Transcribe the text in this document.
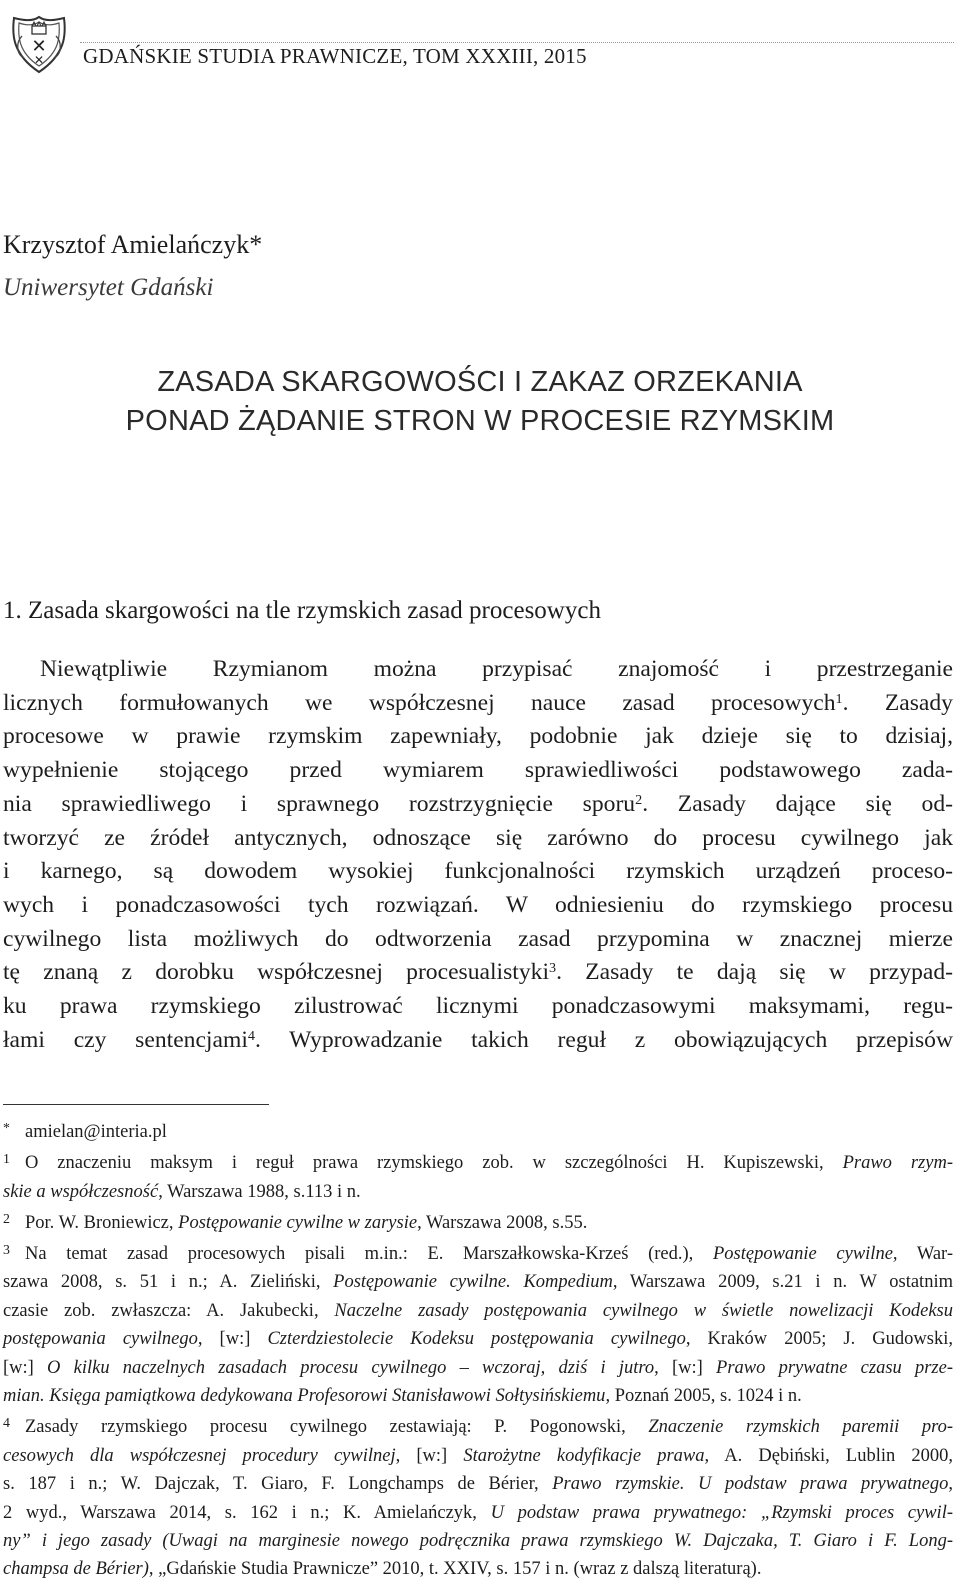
✕
✕ GDAŃSKIE STUDIA PRAWNICZE, TOM XXXIII, 2015
Krzysztof Amielańczyk*
Uniwersytet Gdański
ZASADA SKARGOWOŚCI I ZAKAZ ORZEKANIA
PONAD ŻĄDANIE STRON W PROCESIE RZYMSKIM
1. Zasada skargowości na tle rzymskich zasad procesowych
Niewątpliwie Rzymianom można przypisać znajomość i przestrzeganie
licznych formułowanych we współczesnej nauce zasad procesowych$^1$. Zasady
procesowe w prawie rzymskim zapewniały, podobnie jak dzieje się to dzisiaj,
wypełnienie stojącego przed wymiarem sprawiedliwości podstawowego zada-
nia sprawiedliwego i sprawnego rozstrzygnięcie sporu$^2$. Zasady dające się od-
tworzyć ze źródeł antycznych, odnoszące się zarówno do procesu cywilnego jak
i karnego, są dowodem wysokiej funkcjonalności rzymskich urządzeń proceso-
wych i ponadczasowości tych rozwiązań. W odniesieniu do rzymskiego procesu
cywilnego lista możliwych do odtworzenia zasad przypomina w znacznej mierze
tę znaną z dorobku współczesnej procesualistyki$^3$. Zasady te dają się w przypad-
ku prawa rzymskiego zilustrować licznymi ponadczasowymi maksymami, regu-
łami czy sentencjami$^4$. Wyprowadzanie takich reguł z obowiązujących przepisów
* amielan@interia.pl
1 O znaczeniu maksym i reguł prawa rzymskiego zob. w szczególności H. Kupiszewski, Prawo rzym-
skie a współczesność, Warszawa 1988, s.113 i n.
2 Por. W. Broniewicz, Postępowanie cywilne w zarysie, Warszawa 2008, s.55.
3 Na temat zasad procesowych pisali m.in.: E. Marszałkowska-Krześ (red.), Postępowanie cywilne, War-
szawa 2008, s. 51 i n.; A. Zieliński, Postępowanie cywilne. Kompedium, Warszawa 2009, s.21 i n. W ostatnim
czasie zob. zwłaszcza: A. Jakubecki, Naczelne zasady postępowania cywilnego w świetle nowelizacji Kodeksu
postępowania cywilnego, [w:] Czterdziestolecie Kodeksu postępowania cywilnego, Kraków 2005; J. Gudowski,
[w:] O kilku naczelnych zasadach procesu cywilnego – wczoraj, dziś i jutro, [w:] Prawo prywatne czasu prze-
mian. Księga pamiątkowa dedykowana Profesorowi Stanisławowi Sołtysińskiemu, Poznań 2005, s. 1024 i n.
4 Zasady rzymskiego procesu cywilnego zestawiają: P. Pogonowski, Znaczenie rzymskich paremii pro-
cesowych dla współczesnej procedury cywilnej, [w:] Starożytne kodyfikacje prawa, A. Dębiński, Lublin 2000,
s. 187 i n.; W. Dajczak, T. Giaro, F. Longchamps de Bérier, Prawo rzymskie. U podstaw prawa prywatnego,
2 wyd., Warszawa 2014, s. 162 i n.; K. Amielańczyk, U podstaw prawa prywatnego: „Rzymski proces cywil-
ny” i jego zasady (Uwagi na marginesie nowego podręcznika prawa rzymskiego W. Dajczaka, T. Giaro i F. Long-
champsa de Bérier), „Gdańskie Studia Prawnicze” 2010, t. XXIV, s. 157 i n. (wraz z dalszą literaturą).
